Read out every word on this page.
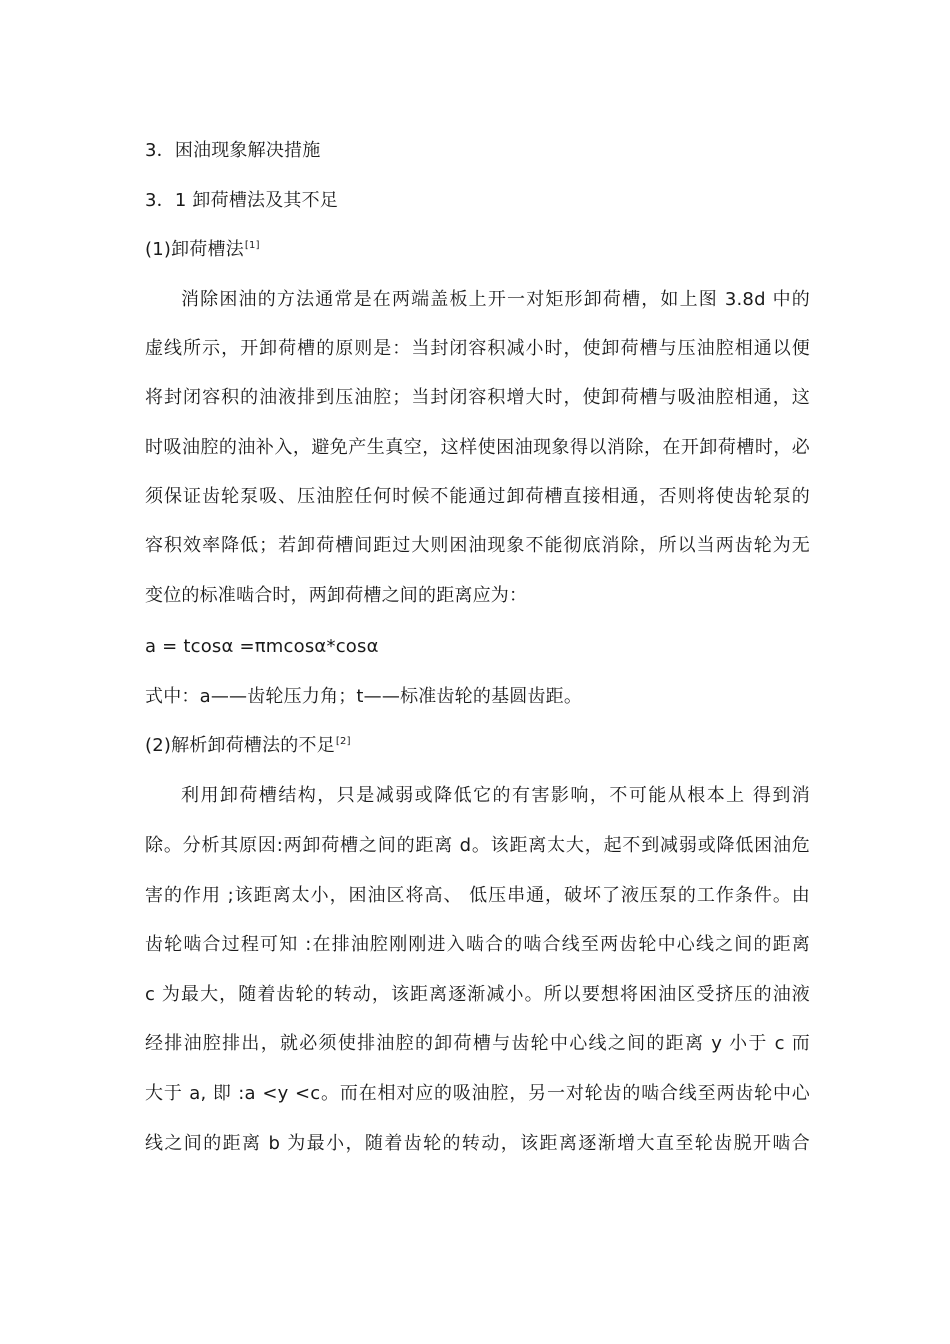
3．困油现象解决措施
3．1 卸荷槽法及其不足
(1)卸荷槽法[1]
消除困油的方法通常是在两端盖板上开一对矩形卸荷槽，如上图 3.8d 中的
虚线所示，开卸荷槽的原则是：当封闭容积减小时，使卸荷槽与压油腔相通以便
将封闭容积的油液排到压油腔；当封闭容积增大时，使卸荷槽与吸油腔相通，这
时吸油腔的油补入，避免产生真空，这样使困油现象得以消除，在开卸荷槽时，必
须保证齿轮泵吸、压油腔任何时候不能通过卸荷槽直接相通，否则将使齿轮泵的
容积效率降低；若卸荷槽间距过大则困油现象不能彻底消除，所以当两齿轮为无
变位的标准啮合时，两卸荷槽之间的距离应为：
a = tcosα =πmcosα*cosα
式中：a——齿轮压力角；t——标准齿轮的基圆齿距。
(2)解析卸荷槽法的不足[2]
利用卸荷槽结构，只是减弱或降低它的有害影响，不可能从根本上 得到消
除。分析其原因:两卸荷槽之间的距离 d。该距离太大，起不到减弱或降低困油危
害的作用 ;该距离太小，困油区将高、 低压串通，破坏了液压泵的工作条件。由
齿轮啮合过程可知 :在排油腔刚刚进入啮合的啮合线至两齿轮中心线之间的距离
c 为最大，随着齿轮的转动，该距离逐渐减小。所以要想将困油区受挤压的油液
经排油腔排出，就必须使排油腔的卸荷槽与齿轮中心线之间的距离 y 小于 c 而
大于 a, 即 :a <y <c。而在相对应的吸油腔，另一对轮齿的啮合线至两齿轮中心
线之间的距离 b 为最小，随着齿轮的转动，该距离逐渐增大直至轮齿脱开啮合
